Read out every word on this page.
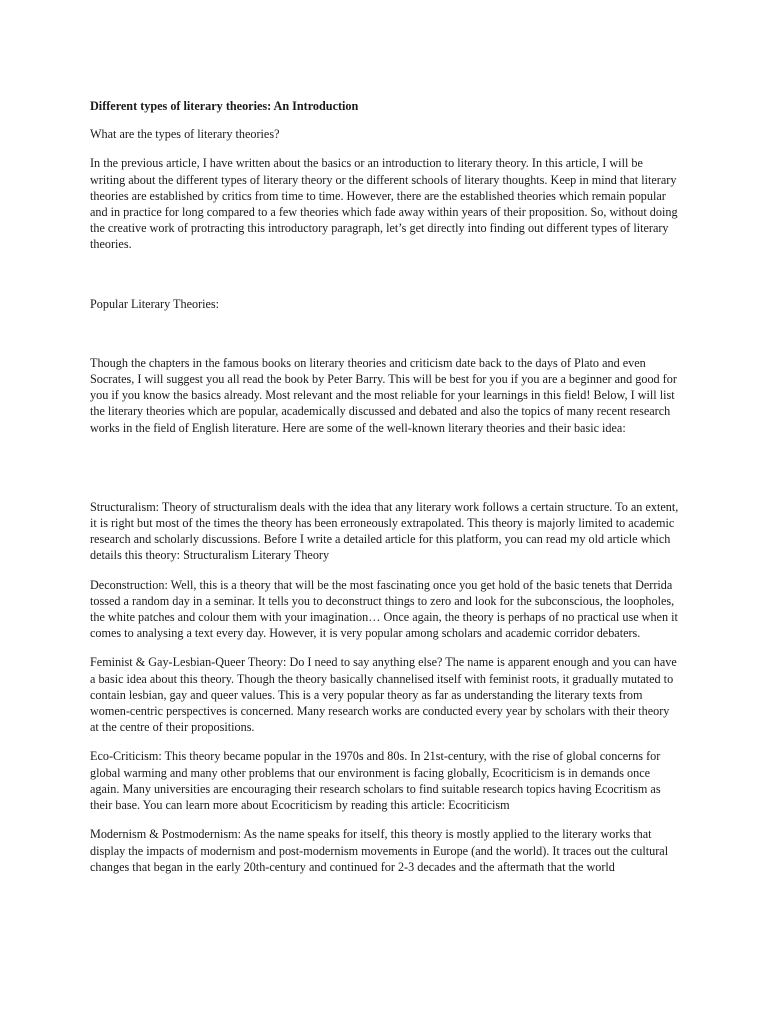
Different types of literary theories: An Introduction

What are the types of literary theories?

In the previous article, I have written about the basics or an introduction to literary theory. In this article, I will be writing about the different types of literary theory or the different schools of literary thoughts. Keep in mind that literary theories are established by critics from time to time. However, there are the established theories which remain popular and in practice for long compared to a few theories which fade away within years of their proposition. So, without doing the creative work of protracting this introductory paragraph, let’s get directly into finding out different types of literary theories.

Popular Literary Theories:

Though the chapters in the famous books on literary theories and criticism date back to the days of Plato and even Socrates, I will suggest you all read the book by Peter Barry. This will be best for you if you are a beginner and good for you if you know the basics already. Most relevant and the most reliable for your learnings in this field! Below, I will list the literary theories which are popular, academically discussed and debated and also the topics of many recent research works in the field of English literature. Here are some of the well-known literary theories and their basic idea:

Structuralism: Theory of structuralism deals with the idea that any literary work follows a certain structure. To an extent, it is right but most of the times the theory has been erroneously extrapolated. This theory is majorly limited to academic research and scholarly discussions. Before I write a detailed article for this platform, you can read my old article which details this theory: Structuralism Literary Theory

Deconstruction: Well, this is a theory that will be the most fascinating once you get hold of the basic tenets that Derrida tossed a random day in a seminar. It tells you to deconstruct things to zero and look for the subconscious, the loopholes, the white patches and colour them with your imagination… Once again, the theory is perhaps of no practical use when it comes to analysing a text every day. However, it is very popular among scholars and academic corridor debaters.

Feminist & Gay-Lesbian-Queer Theory: Do I need to say anything else? The name is apparent enough and you can have a basic idea about this theory. Though the theory basically channelised itself with feminist roots, it gradually mutated to contain lesbian, gay and queer values. This is a very popular theory as far as understanding the literary texts from women-centric perspectives is concerned. Many research works are conducted every year by scholars with their theory at the centre of their propositions.

Eco-Criticism: This theory became popular in the 1970s and 80s. In 21st-century, with the rise of global concerns for global warming and many other problems that our environment is facing globally, Ecocriticism is in demands once again. Many universities are encouraging their research scholars to find suitable research topics having Ecocritism as their base. You can learn more about Ecocriticism by reading this article: Ecocriticism

Modernism & Postmodernism: As the name speaks for itself, this theory is mostly applied to the literary works that display the impacts of modernism and post-modernism movements in Europe (and the world). It traces out the cultural changes that began in the early 20th-century and continued for 2-3 decades and the aftermath that the world
